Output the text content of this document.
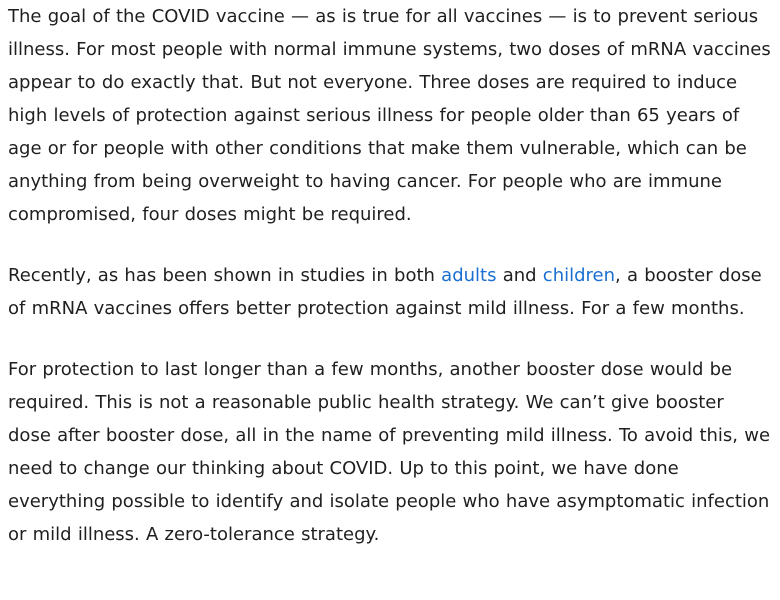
The goal of the COVID vaccine — as is true for all vaccines — is to prevent serious illness. For most people with normal immune systems, two doses of mRNA vaccines appear to do exactly that. But not everyone. Three doses are required to induce high levels of protection against serious illness for people older than 65 years of age or for people with other conditions that make them vulnerable, which can be anything from being overweight to having cancer. For people who are immune compromised, four doses might be required.

Recently, as has been shown in studies in both adults and children, a booster dose of mRNA vaccines offers better protection against mild illness. For a few months.

For protection to last longer than a few months, another booster dose would be required. This is not a reasonable public health strategy. We can’t give booster dose after booster dose, all in the name of preventing mild illness. To avoid this, we need to change our thinking about COVID. Up to this point, we have done everything possible to identify and isolate people who have asymptomatic infection or mild illness. A zero-tolerance strategy.
